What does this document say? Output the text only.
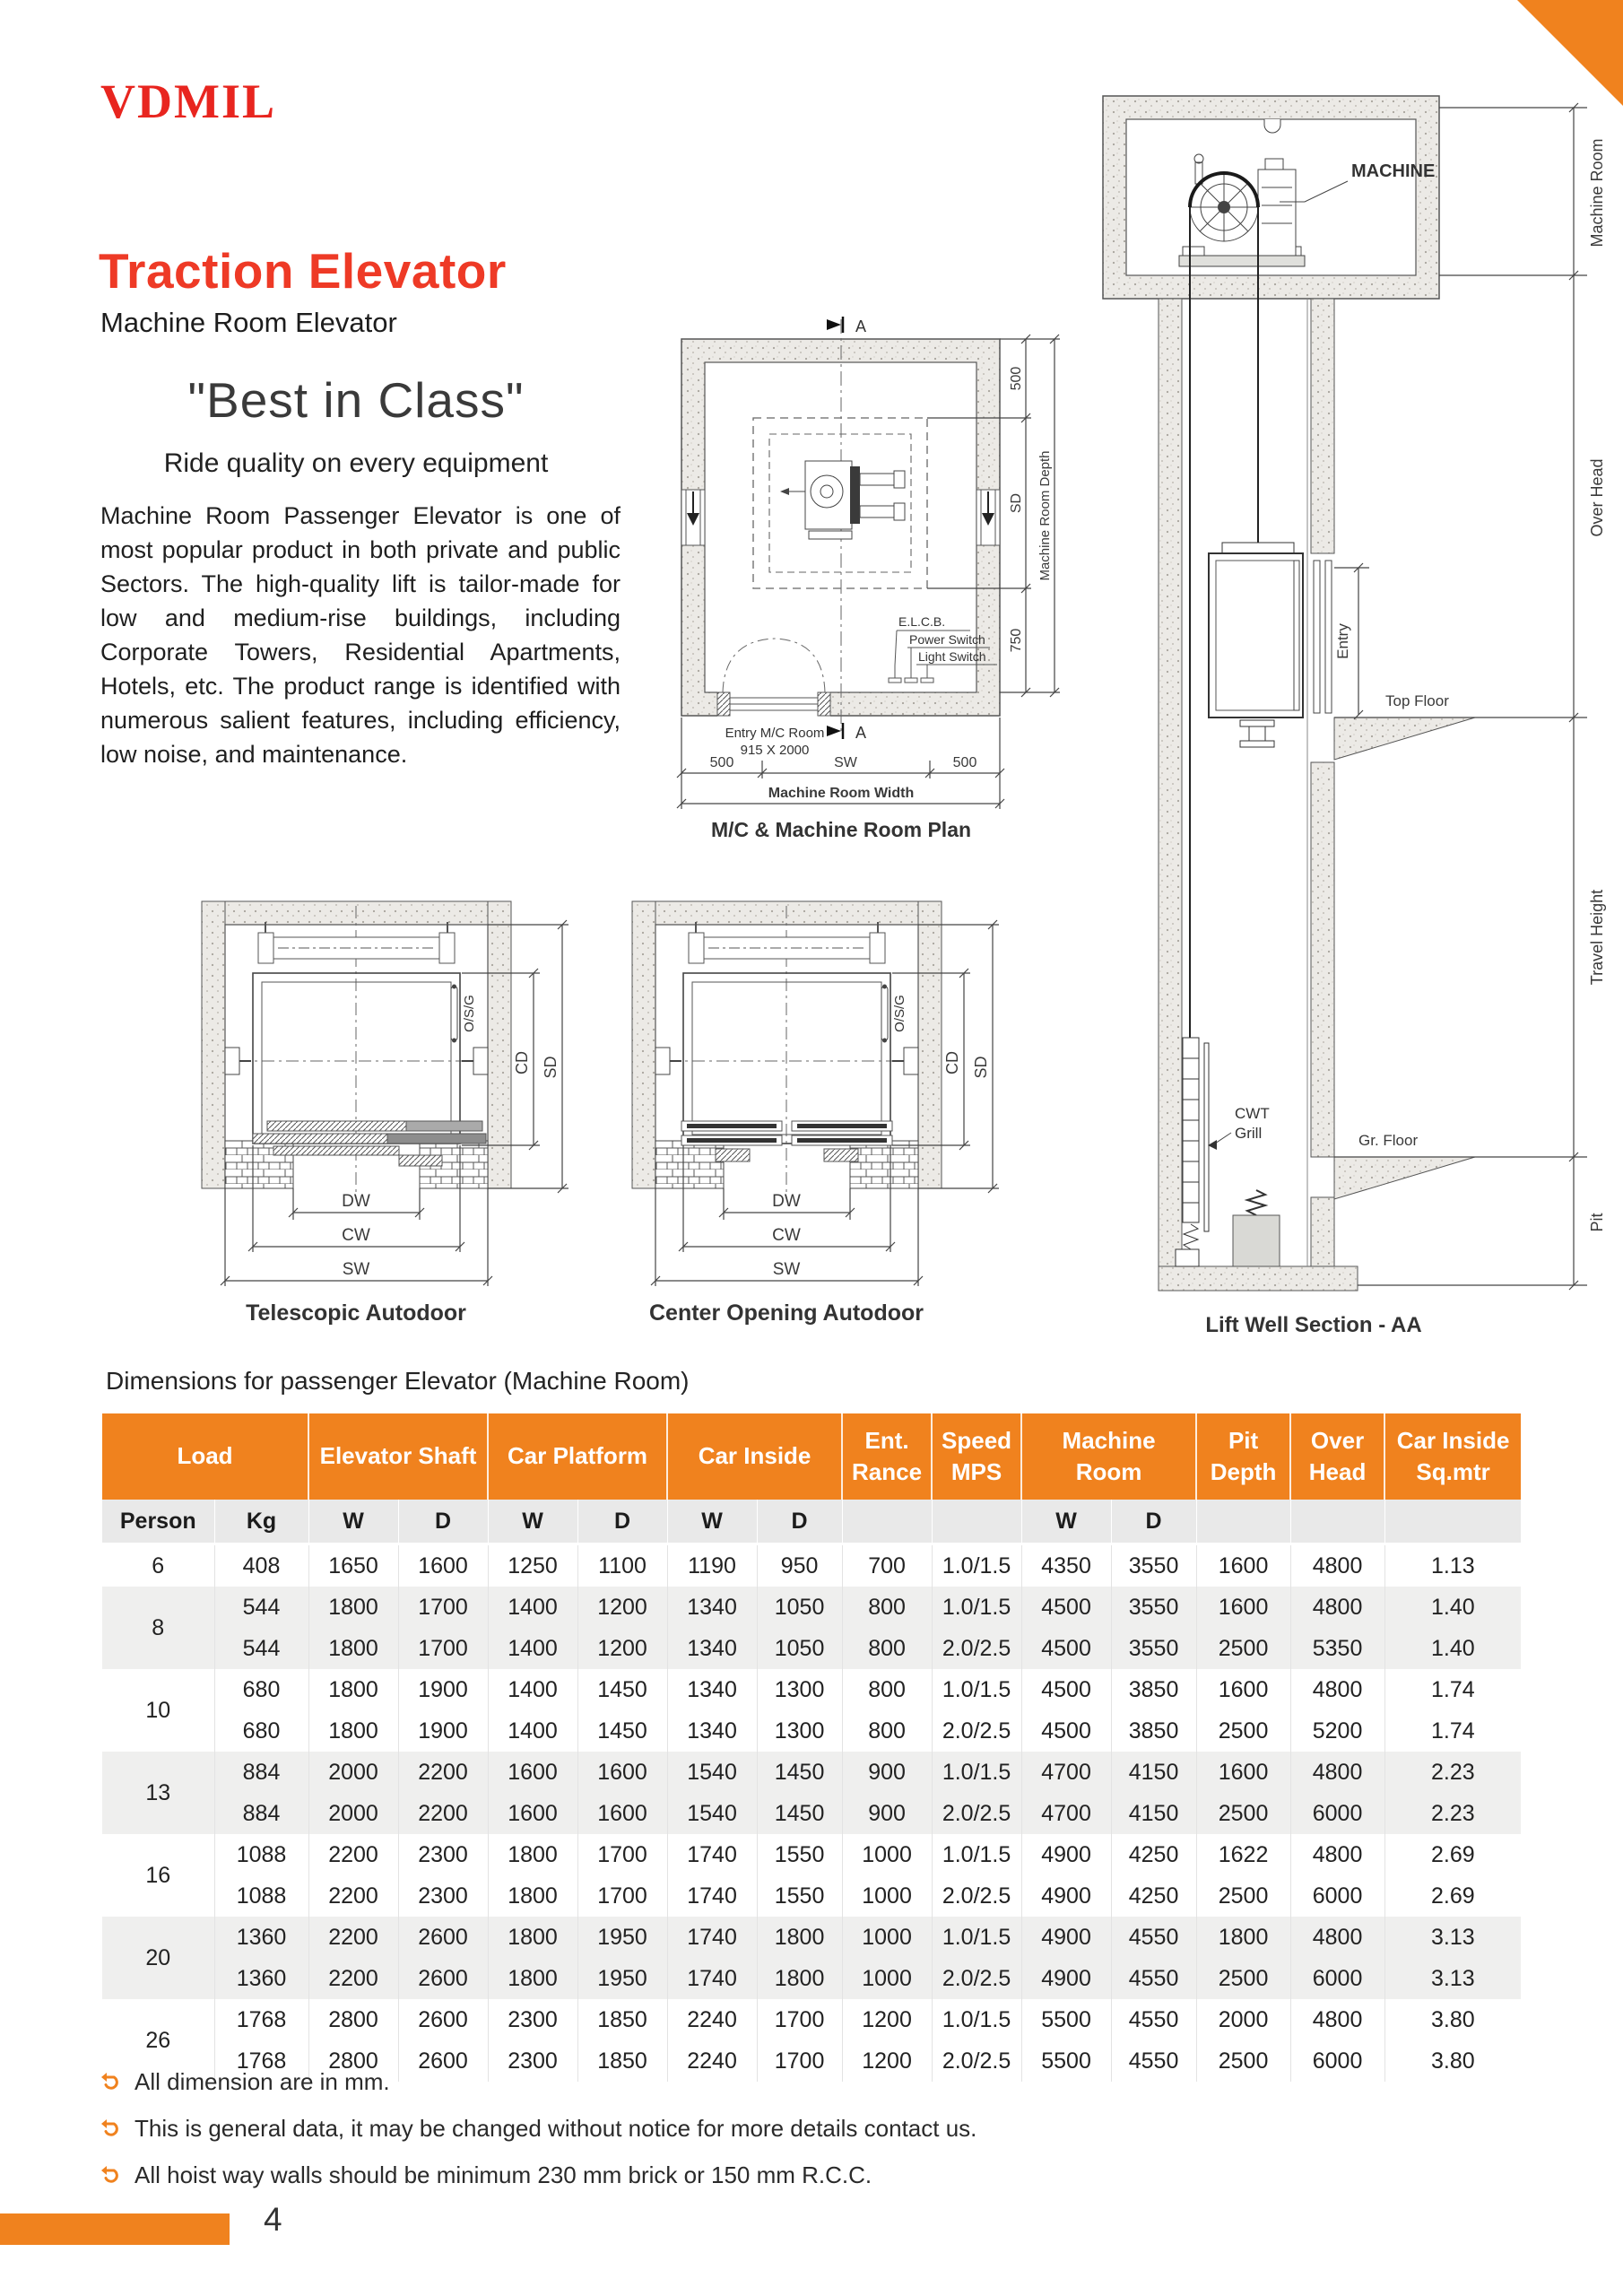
VDMIL
Traction Elevator
Machine Room Elevator
"Best in Class"
Ride quality on every equipment
Machine Room Passenger Elevator is one of most popular product in both private and public Sectors. The high-quality lift is tailor-made for low and medium-rise buildings, including Corporate Towers, Residential Apartments, Hotels, etc. The product range is identified with numerous salient features, including efficiency, low noise, and maintenance.
A
A
E.L.C.B.
Power Switch
Light Switch
Entry M/C Room
915 X 2000
500	SW	500
Machine Room Width
500
SD
750
Machine Room Depth
M/C & Machine Room Plan
MACHINE
CWT
Grill
Machine Room
Over Head
Travel Height
Pit
Entry
Top Floor
Gr. Floor
Lift Well Section - AA
O/S/G
CD SD
DW
CW
SW
Telescopic Autodoor
O/S/G
CD SD
DW
CW
SW
Center Opening Autodoor
Dimensions for passenger Elevator (Machine Room)
Load		Elevator Shaft		Car Platform		Car Inside		Ent. Rance	Speed MPS	Machine Room		Pit Depth	Over Head	Car Inside Sq.mtr
Person	Kg	W	D	W	D	W	D			W	D			
6	408	1650	1600	1250	1100	1190	950	700	1.0/1.5	4350	3550	1600	4800	1.13
8	544	1800	1700	1400	1200	1340	1050	800	1.0/1.5	4500	3550	1600	4800	1.40
	544	1800	1700	1400	1200	1340	1050	800	2.0/2.5	4500	3550	2500	5350	1.40
10	680	1800	1900	1400	1450	1340	1300	800	1.0/1.5	4500	3850	1600	4800	1.74
	680	1800	1900	1400	1450	1340	1300	800	2.0/2.5	4500	3850	2500	5200	1.74
13	884	2000	2200	1600	1600	1540	1450	900	1.0/1.5	4700	4150	1600	4800	2.23
	884	2000	2200	1600	1600	1540	1450	900	2.0/2.5	4700	4150	2500	6000	2.23
16	1088	2200	2300	1800	1700	1740	1550	1000	1.0/1.5	4900	4250	1622	4800	2.69
	1088	2200	2300	1800	1700	1740	1550	1000	2.0/2.5	4900	4250	2500	6000	2.69
20	1360	2200	2600	1800	1950	1740	1800	1000	1.0/1.5	4900	4550	1800	4800	3.13
	1360	2200	2600	1800	1950	1740	1800	1000	2.0/2.5	4900	4550	2500	6000	3.13
26	1768	2800	2600	2300	1850	2240	1700	1200	1.0/1.5	5500	4550	2000	4800	3.80
	1768	2800	2600	2300	1850	2240	1700	1200	2.0/2.5	5500	4550	2500	6000	3.80
All dimension are in mm.
This is general data, it may be changed without notice for more details contact us.
All hoist way walls should be minimum 230 mm brick or 150 mm R.C.C.
4
